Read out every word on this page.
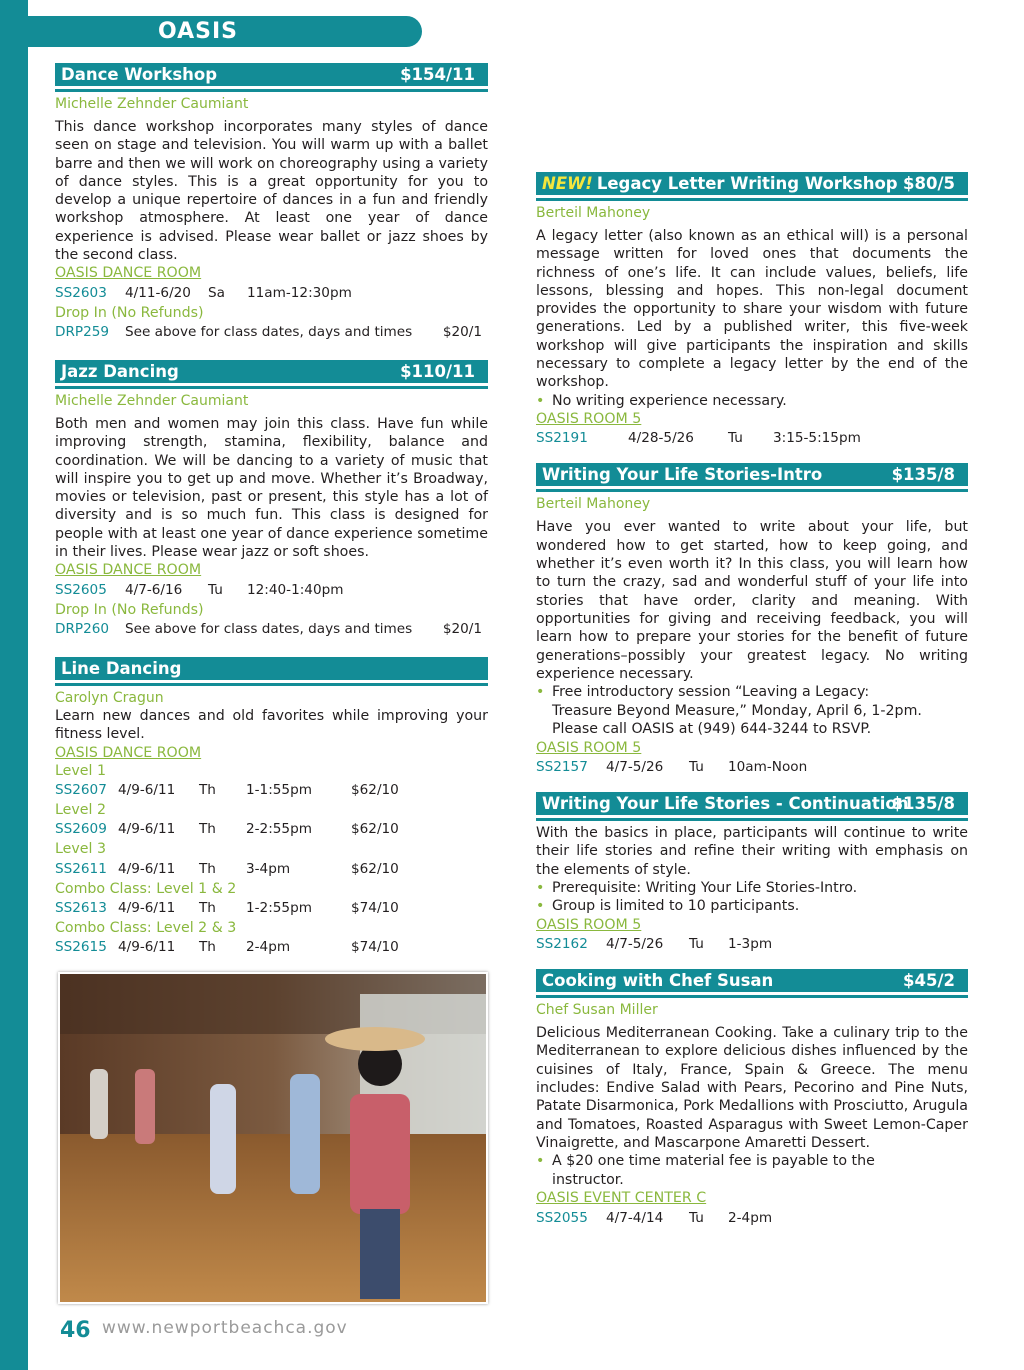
OASIS
Dance Workshop	$154/11
Michelle Zehnder Caumiant
This dance workshop incorporates many styles of dance seen on stage and television. You will warm up with a ballet barre and then we will work on choreography using a variety of dance styles. This is a great opportunity for you to develop a unique repertoire of dances in a fun and friendly workshop atmosphere. At least one year of dance experience is advised. Please wear ballet or jazz shoes by the second class.
OASIS DANCE ROOM
SS2603 4/11-6/20 Sa 11am-12:30pm
Drop In (No Refunds)
DRP259 See above for class dates, days and times $20/1
Jazz Dancing	$110/11
Michelle Zehnder Caumiant
Both men and women may join this class. Have fun while improving strength, stamina, flexibility, balance and coordination. We will be dancing to a variety of music that will inspire you to get up and move. Whether it’s Broadway, movies or television, past or present, this style has a lot of diversity and is so much fun. This class is designed for people with at least one year of dance experience sometime in their lives. Please wear jazz or soft shoes.
OASIS DANCE ROOM
SS2605 4/7-6/16 Tu 12:40-1:40pm
Drop In (No Refunds)
DRP260 See above for class dates, days and times $20/1
Line Dancing
Carolyn Cragun
Learn new dances and old favorites while improving your fitness level.
OASIS DANCE ROOM
Level 1
SS2607 4/9-6/11 Th 1-1:55pm	$62/10
Level 2
SS2609 4/9-6/11 Th 2-2:55pm	$62/10
Level 3
SS2611 4/9-6/11 Th 3-4pm	$62/10
Combo Class: Level 1 & 2
SS2613 4/9-6/11 Th 1-2:55pm	$74/10
Combo Class: Level 2 & 3
SS2615 4/9-6/11 Th 2-4pm	$74/10
NEW! Legacy Letter Writing Workshop $80/5
Berteil Mahoney
A legacy letter (also known as an ethical will) is a personal message written for loved ones that documents the richness of one’s life. It can include values, beliefs, life lessons, blessing and hopes. This non-legal document provides the opportunity to share your wisdom with future generations. Led by a published writer, this five-week workshop will give participants the inspiration and skills necessary to complete a legacy letter by the end of the workshop.
• No writing experience necessary.
OASIS ROOM 5
SS2191	4/28-5/26	Tu 3:15-5:15pm
Writing Your Life Stories-Intro	$135/8
Berteil Mahoney
Have you ever wanted to write about your life, but wondered how to get started, how to keep going, and whether it’s even worth it? In this class, you will learn how to turn the crazy, sad and wonderful stuff of your life into stories that have order, clarity and meaning. With opportunities for giving and receiving feedback, you will learn how to prepare your stories for the benefit of future generations–possibly your greatest legacy. No writing experience necessary.
• Free introductory session “Leaving a Legacy: Treasure Beyond Measure,” Monday, April 6, 1-2pm. Please call OASIS at (949) 644-3244 to RSVP.
OASIS ROOM 5
SS2157 4/7-5/26 Tu 10am-Noon
Writing Your Life Stories - Continuation
$135/8
With the basics in place, participants will continue to write their life stories and refine their writing with emphasis on the elements of style.
• Prerequisite: Writing Your Life Stories-Intro.
• Group is limited to 10 participants.
OASIS ROOM 5
SS2162 4/7-5/26 Tu 1-3pm
Cooking with Chef Susan	$45/2
Chef Susan Miller
Delicious Mediterranean Cooking. Take a culinary trip to the Mediterranean to explore delicious dishes influenced by the cuisines of Italy, France, Spain & Greece. The menu includes: Endive Salad with Pears, Pecorino and Pine Nuts, Patate Disarmonica, Pork Medallions with Prosciutto, Arugula and Tomatoes, Roasted Asparagus with Sweet Lemon-Caper Vinaigrette, and Mascarpone Amaretti Dessert.
• A $20 one time material fee is payable to the instructor.
OASIS EVENT CENTER C
SS2055 4/7-4/14 Tu 2-4pm
46 www.newportbeachca.gov
